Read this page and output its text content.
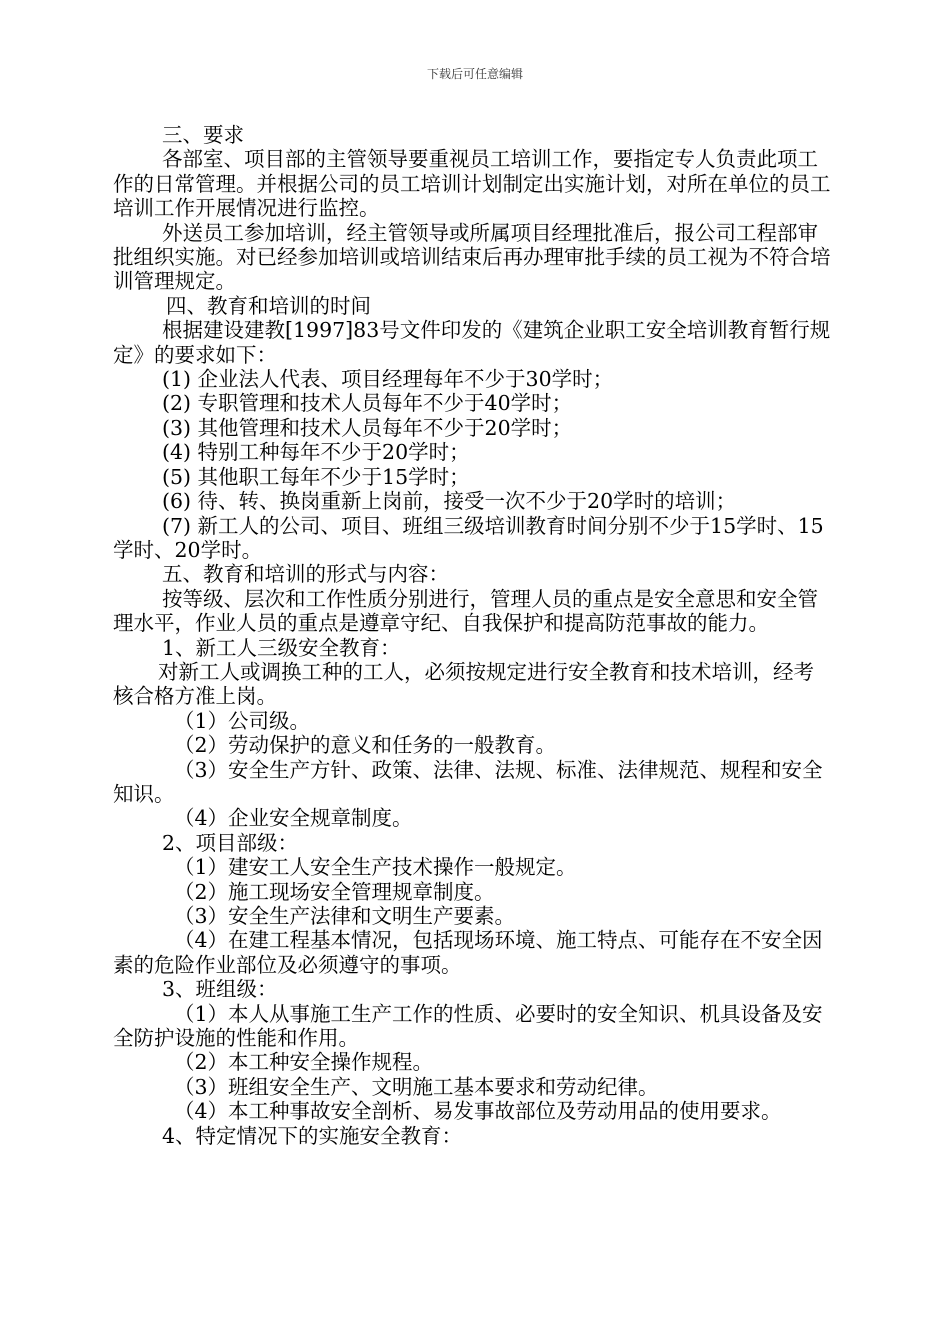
下载后可任意编辑

三、要求

各部室、项目部的主管领导要重视员工培训工作，要指定专人负责此项工作的日常管理。并根据公司的员工培训计划制定出实施计划，对所在单位的员工培训工作开展情况进行监控。

外送员工参加培训，经主管领导或所属项目经理批准后，报公司工程部审批组织实施。对已经参加培训或培训结束后再办理审批手续的员工视为不符合培训管理规定。

四、教育和培训的时间

根据建设建教[1997]83号文件印发的《建筑企业职工安全培训教育暂行规定》的要求如下：

(1) 企业法人代表、项目经理每年不少于30学时；

(2) 专职管理和技术人员每年不少于40学时；

(3) 其他管理和技术人员每年不少于20学时；

(4) 特别工种每年不少于20学时；

(5) 其他职工每年不少于15学时；

(6) 待、转、换岗重新上岗前，接受一次不少于20学时的培训；

(7) 新工人的公司、项目、班组三级培训教育时间分别不少于15学时、15学时、20学时。

五、教育和培训的形式与内容：

按等级、层次和工作性质分别进行，管理人员的重点是安全意思和安全管理水平，作业人员的重点是遵章守纪、自我保护和提高防范事故的能力。

1、新工人三级安全教育：

对新工人或调换工种的工人，必须按规定进行安全教育和技术培训，经考核合格方准上岗。

（1）公司级。

（2）劳动保护的意义和任务的一般教育。

（3）安全生产方针、政策、法律、法规、标准、法律规范、规程和安全知识。

（4）企业安全规章制度。

2、项目部级：

（1）建安工人安全生产技术操作一般规定。

（2）施工现场安全管理规章制度。

（3）安全生产法律和文明生产要素。

（4）在建工程基本情况，包括现场环境、施工特点、可能存在不安全因素的危险作业部位及必须遵守的事项。

3、班组级：

（1）本人从事施工生产工作的性质、必要时的安全知识、机具设备及安全防护设施的性能和作用。

（2）本工种安全操作规程。

（3）班组安全生产、文明施工基本要求和劳动纪律。

（4）本工种事故安全剖析、易发事故部位及劳动用品的使用要求。

4、特定情况下的实施安全教育：
